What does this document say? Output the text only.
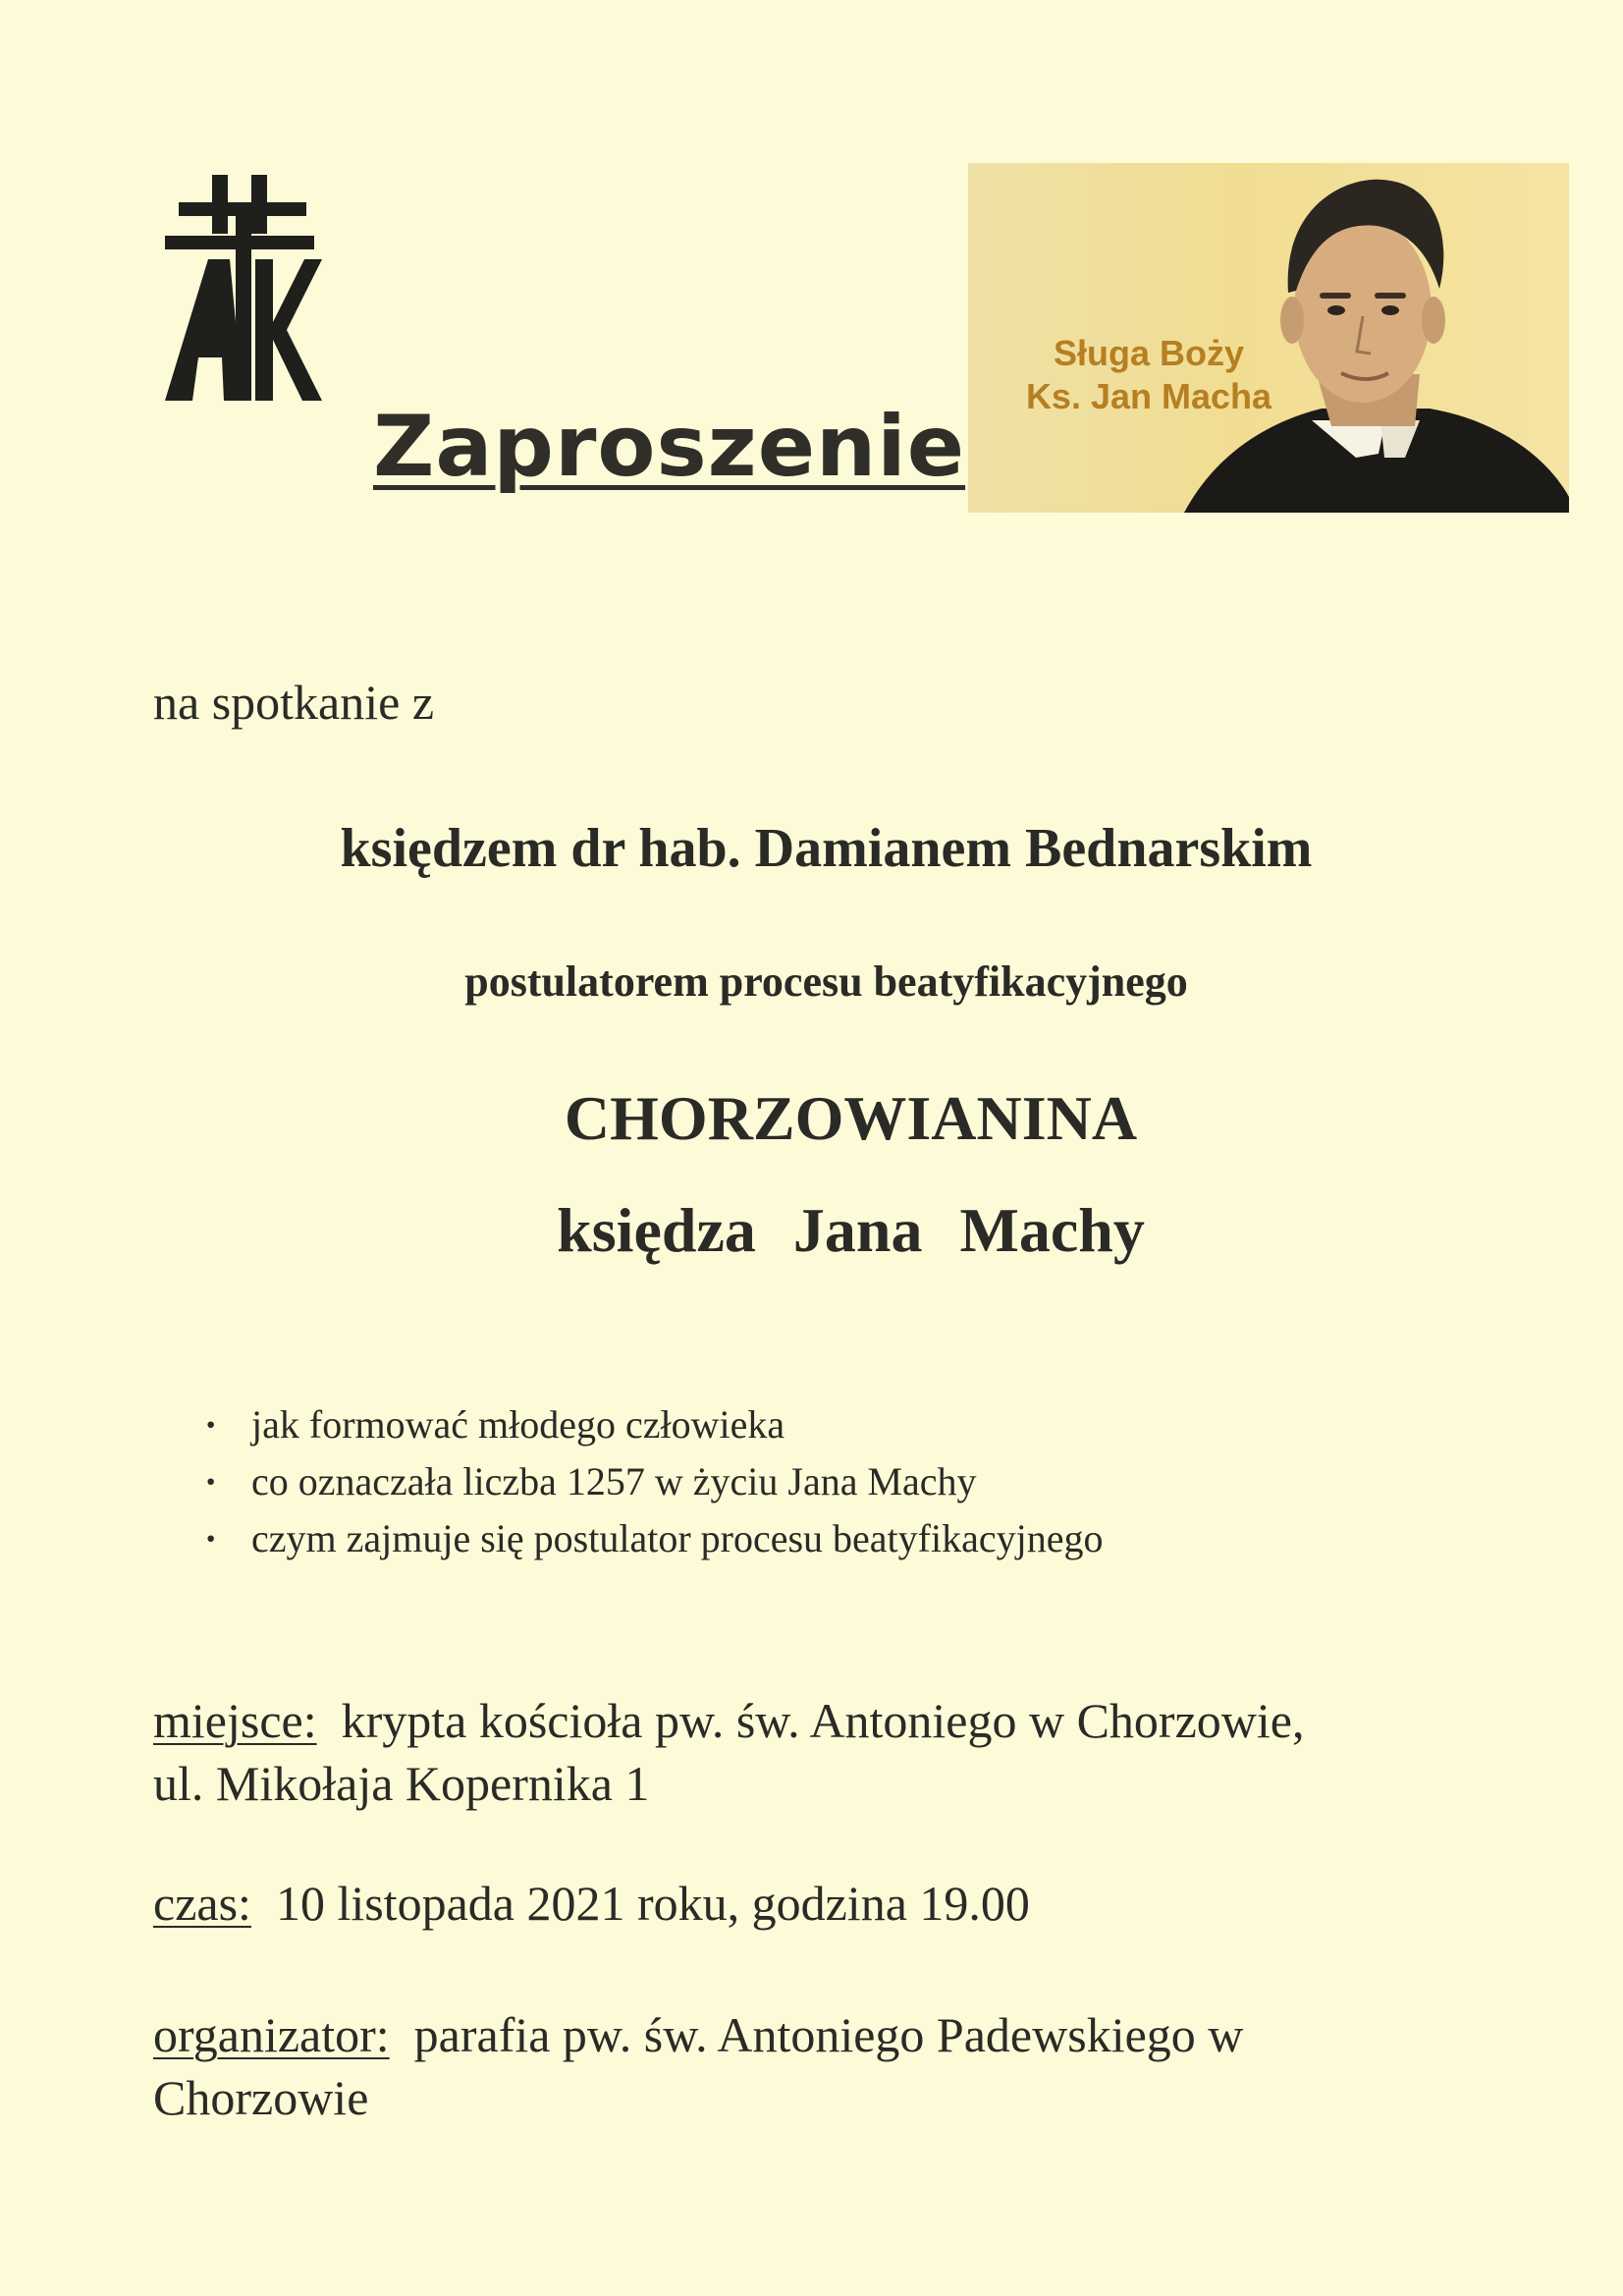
Zaproszenie
Sługa Boży
Ks. Jan Macha
na spotkanie z
księdzem dr hab. Damianem Bednarskim
postulatorem procesu beatyfikacyjnego
CHORZOWIANINA
księdza Jana Machy
· jak formować młodego człowieka
· co oznaczała liczba 1257 w życiu Jana Machy
· czym zajmuje się postulator procesu beatyfikacyjnego
miejsce: krypta kościoła pw. św. Antoniego w Chorzowie,
ul. Mikołaja Kopernika 1
czas: 10 listopada 2021 roku, godzina 19.00
organizator: parafia pw. św. Antoniego Padewskiego w
Chorzowie
